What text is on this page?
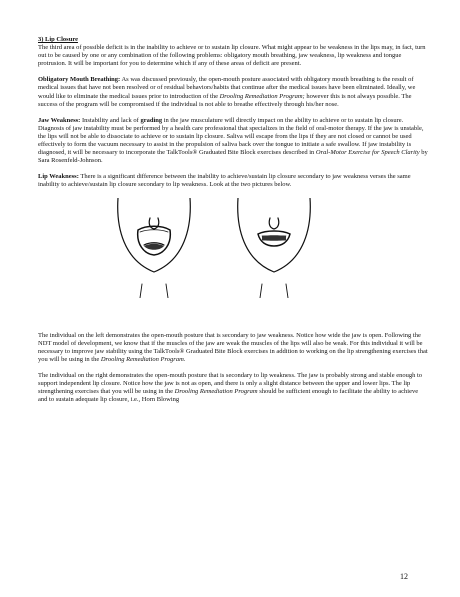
3) Lip Closure
The third area of possible deficit is in the inability to achieve or to sustain lip closure. What might appear to be weakness in the lips may, in fact, turn out to be caused by one or any combination of the following problems: obligatory mouth breathing, jaw weakness, lip weakness and tongue protrusion. It will be important for you to determine which if any of these areas of deficit are present.

Obligatory Mouth Breathing: As was discussed previously, the open-mouth posture associated with obligatory mouth breathing is the result of medical issues that have not been resolved or of residual behaviors/habits that continue after the medical issues have been eliminated. Ideally, we would like to eliminate the medical issues prior to introduction of the Drooling Remediation Program; however this is not always possible. The success of the program will be compromised if the individual is not able to breathe effectively through his/her nose.

Jaw Weakness: Instability and lack of grading in the jaw musculature will directly impact on the ability to achieve or to sustain lip closure. Diagnosis of jaw instability must be performed by a health care professional that specializes in the field of oral-motor therapy. If the jaw is unstable, the lips will not be able to dissociate to achieve or to sustain lip closure. Saliva will escape from the lips if they are not closed or cannot be used effectively to form the vacuum necessary to assist in the propulsion of saliva back over the tongue to initiate a safe swallow. If jaw instability is diagnosed, it will be necessary to incorporate the TalkTools® Graduated Bite Block exercises described in Oral-Motor Exercise for Speech Clarity by Sara Rosenfeld-Johnson.

Lip Weakness: There is a significant difference between the inability to achieve/sustain lip closure secondary to jaw weakness verses the same inability to achieve/sustain lip closure secondary to lip weakness. Look at the two pictures below.

The individual on the left demonstrates the open-mouth posture that is secondary to jaw weakness. Notice how wide the jaw is open. Following the NDT model of development, we know that if the muscles of the jaw are weak the muscles of the lips will also be weak. For this individual it will be necessary to improve jaw stability using the TalkTools® Graduated Bite Block exercises in addition to working on the lip strengthening exercises that you will be using in the Drooling Remediation Program.

The individual on the right demonstrates the open-mouth posture that is secondary to lip weakness. The jaw is probably strong and stable enough to support independent lip closure. Notice how the jaw is not as open, and there is only a slight distance between the upper and lower lips. The lip strengthening exercises that you will be using in the Drooling Remediation Program should be sufficient enough to facilitate the ability to achieve and to sustain adequate lip closure, i.e., Horn Blowing

12
